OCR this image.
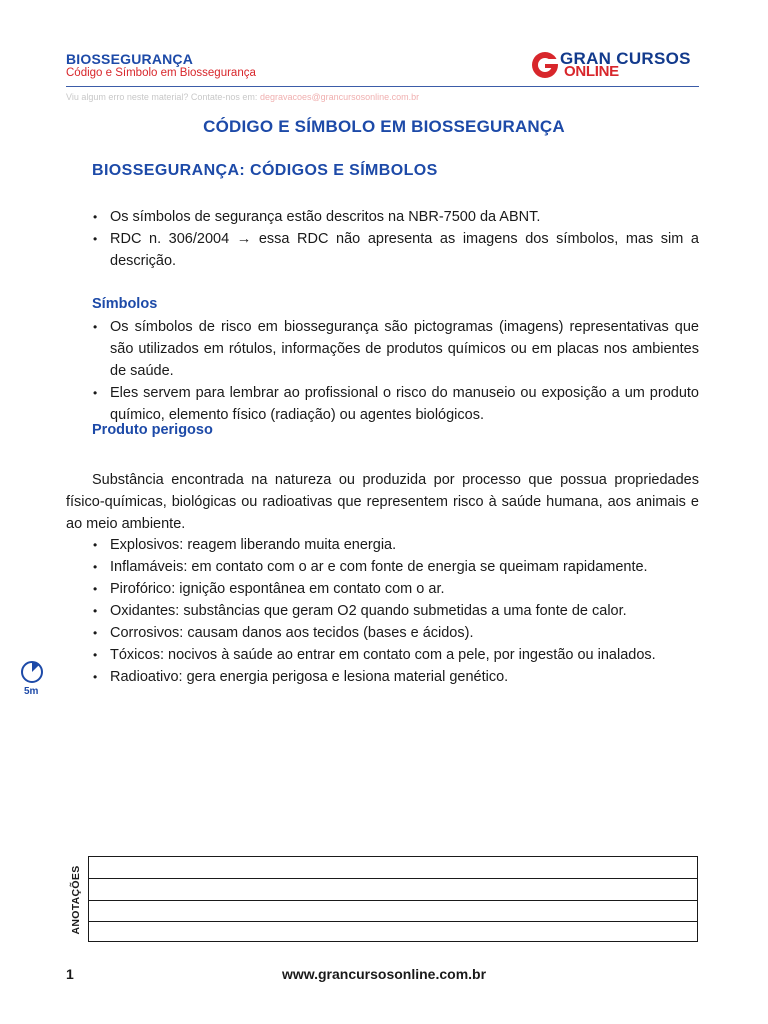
BIOSSEGURANÇA
Código e Símbolo em Biossegurança
GRAN CURSOS
ONLINE
Viu algum erro neste material? Contate-nos em: degravacoes@grancursosonline.com.br
CÓDIGO E SÍMBOLO EM BIOSSEGURANÇA
BIOSSEGURANÇA: CÓDIGOS E SÍMBOLOS
• Os símbolos de segurança estão descritos na NBR-7500 da ABNT.
• RDC n. 306/2004 → essa RDC não apresenta as imagens dos símbolos, mas sim a descrição.
Símbolos
• Os símbolos de risco em biossegurança são pictogramas (imagens) representativas que são utilizados em rótulos, informações de produtos químicos ou em placas nos ambientes de saúde.
• Eles servem para lembrar ao profissional o risco do manuseio ou exposição a um produto químico, elemento físico (radiação) ou agentes biológicos.
Produto perigoso
Substância encontrada na natureza ou produzida por processo que possua propriedades físico-químicas, biológicas ou radioativas que representem risco à saúde humana, aos animais e ao meio ambiente.
• Explosivos: reagem liberando muita energia.
• Inflamáveis: em contato com o ar e com fonte de energia se queimam rapidamente.
• Pirofórico: ignição espontânea em contato com o ar.
• Oxidantes: substâncias que geram O2 quando submetidas a uma fonte de calor.
• Corrosivos: causam danos aos tecidos (bases e ácidos).
• Tóxicos: nocivos à saúde ao entrar em contato com a pele, por ingestão ou inalados.
• Radioativo: gera energia perigosa e lesiona material genético.
5m
ANOTAÇÕES
1	www.grancursosonline.com.br
